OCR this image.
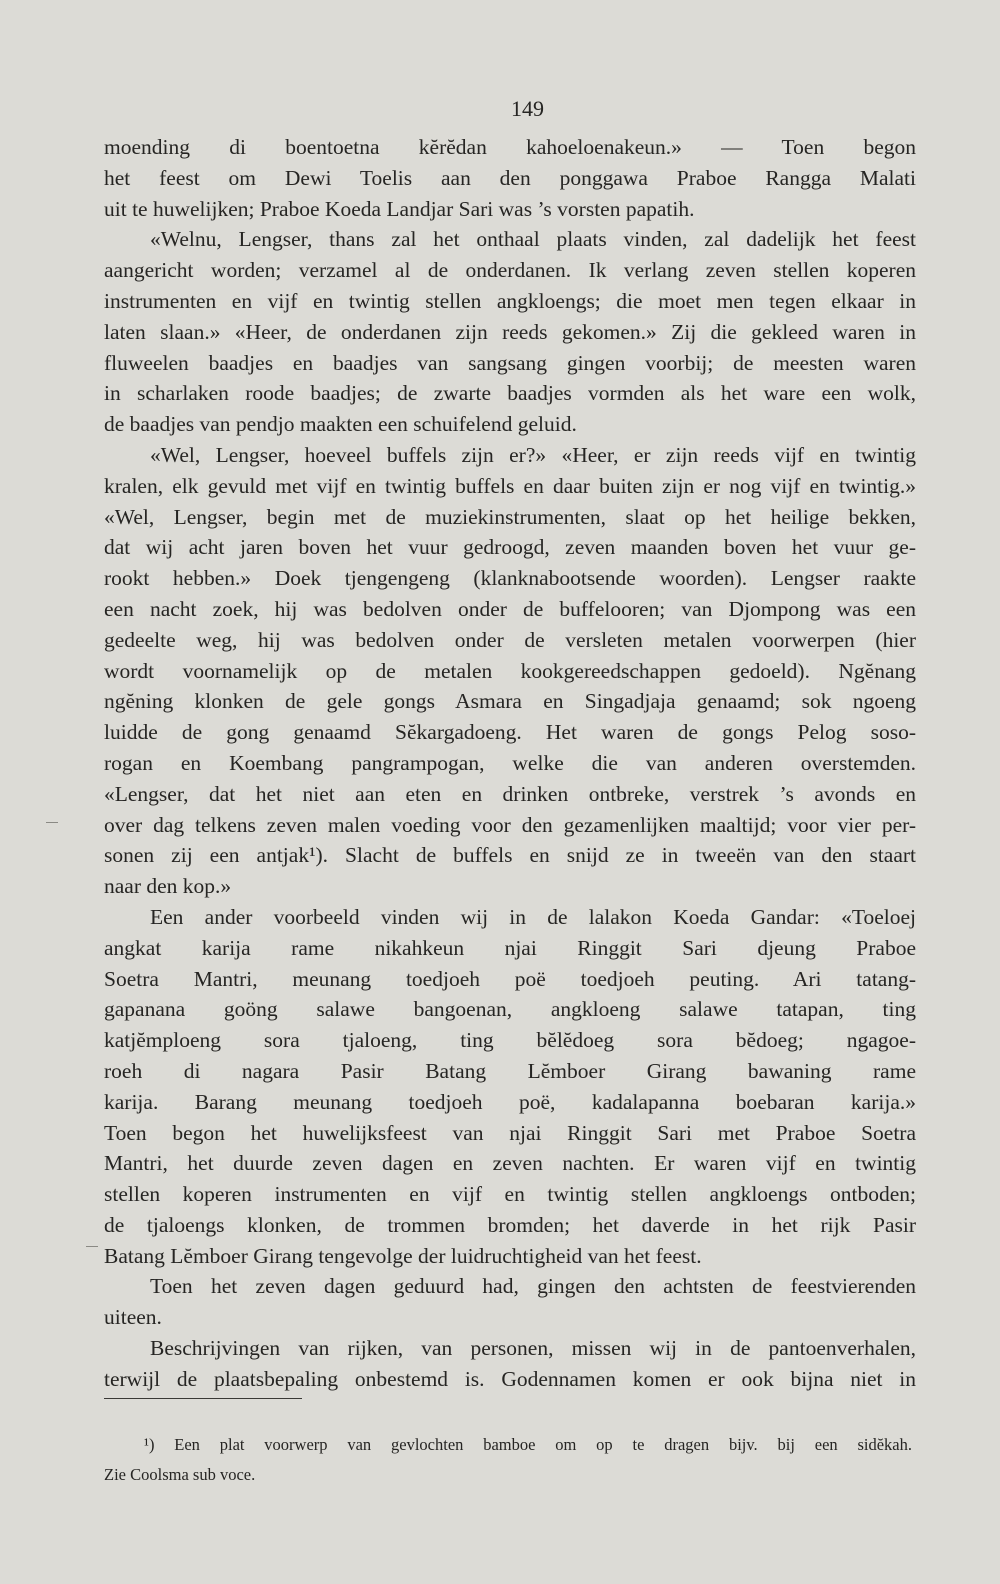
149
moending di boentoetna kĕrĕdan kahoeloenakeun.» — Toen begon
het feest om Dewi Toelis aan den ponggawa Praboe Rangga Malati
uit te huwelijken; Praboe Koeda Landjar Sari was ’s vorsten papatih.
«Welnu, Lengser, thans zal het onthaal plaats vinden, zal dadelijk het feest
aangericht worden; verzamel al de onderdanen. Ik verlang zeven stellen koperen
instrumenten en vijf en twintig stellen angkloengs; die moet men tegen elkaar in
laten slaan.» «Heer, de onderdanen zijn reeds gekomen.» Zij die gekleed waren in
fluweelen baadjes en baadjes van sangsang gingen voorbij; de meesten waren
in scharlaken roode baadjes; de zwarte baadjes vormden als het ware een wolk,
de baadjes van pendjo maakten een schuifelend geluid.
«Wel, Lengser, hoeveel buffels zijn er?» «Heer, er zijn reeds vijf en twintig
kralen, elk gevuld met vijf en twintig buffels en daar buiten zijn er nog vijf en twintig.»
«Wel, Lengser, begin met de muziekinstrumenten, slaat op het heilige bekken,
dat wij acht jaren boven het vuur gedroogd, zeven maanden boven het vuur ge-
rookt hebben.» Doek tjengengeng (klanknabootsende woorden). Lengser raakte
een nacht zoek, hij was bedolven onder de buffelooren; van Djompong was een
gedeelte weg, hij was bedolven onder de versleten metalen voorwerpen (hier
wordt voornamelijk op de metalen kookgereedschappen gedoeld). Ngĕnang
ngĕning klonken de gele gongs Asmara en Singadjaja genaamd; sok ngoeng
luidde de gong genaamd Sĕkargadoeng. Het waren de gongs Pelog soso-
rogan en Koembang pangrampogan, welke die van anderen overstemden.
«Lengser, dat het niet aan eten en drinken ontbreke, verstrek ’s avonds en
over dag telkens zeven malen voeding voor den gezamenlijken maaltijd; voor vier per-
sonen zij een antjak¹). Slacht de buffels en snijd ze in tweeën van den staart
naar den kop.»
Een ander voorbeeld vinden wij in de lalakon Koeda Gandar: «Toeloej
angkat karija rame nikahkeun njai Ringgit Sari djeung Praboe
Soetra Mantri, meunang toedjoeh poë toedjoeh peuting. Ari tatang-
gapanana goöng salawe bangoenan, angkloeng salawe tatapan, ting
katjĕmploeng sora tjaloeng, ting bĕlĕdoeg sora bĕdoeg; ngagoe-
roeh di nagara Pasir Batang Lĕmboer Girang bawaning rame
karija. Barang meunang toedjoeh poë, kadalapanna boebaran karija.»
Toen begon het huwelijksfeest van njai Ringgit Sari met Praboe Soetra
Mantri, het duurde zeven dagen en zeven nachten. Er waren vijf en twintig
stellen koperen instrumenten en vijf en twintig stellen angkloengs ontboden;
de tjaloengs klonken, de trommen bromden; het daverde in het rijk Pasir
Batang Lĕmboer Girang tengevolge der luidruchtigheid van het feest.
Toen het zeven dagen geduurd had, gingen den achtsten de feestvierenden
uiteen.
Beschrijvingen van rijken, van personen, missen wij in de pantoenverhalen,
terwijl de plaatsbepaling onbestemd is. Godennamen komen er ook bijna niet in
¹) Een plat voorwerp van gevlochten bamboe om op te dragen bijv. bij een sidĕkah.
Zie Coolsma sub voce.
